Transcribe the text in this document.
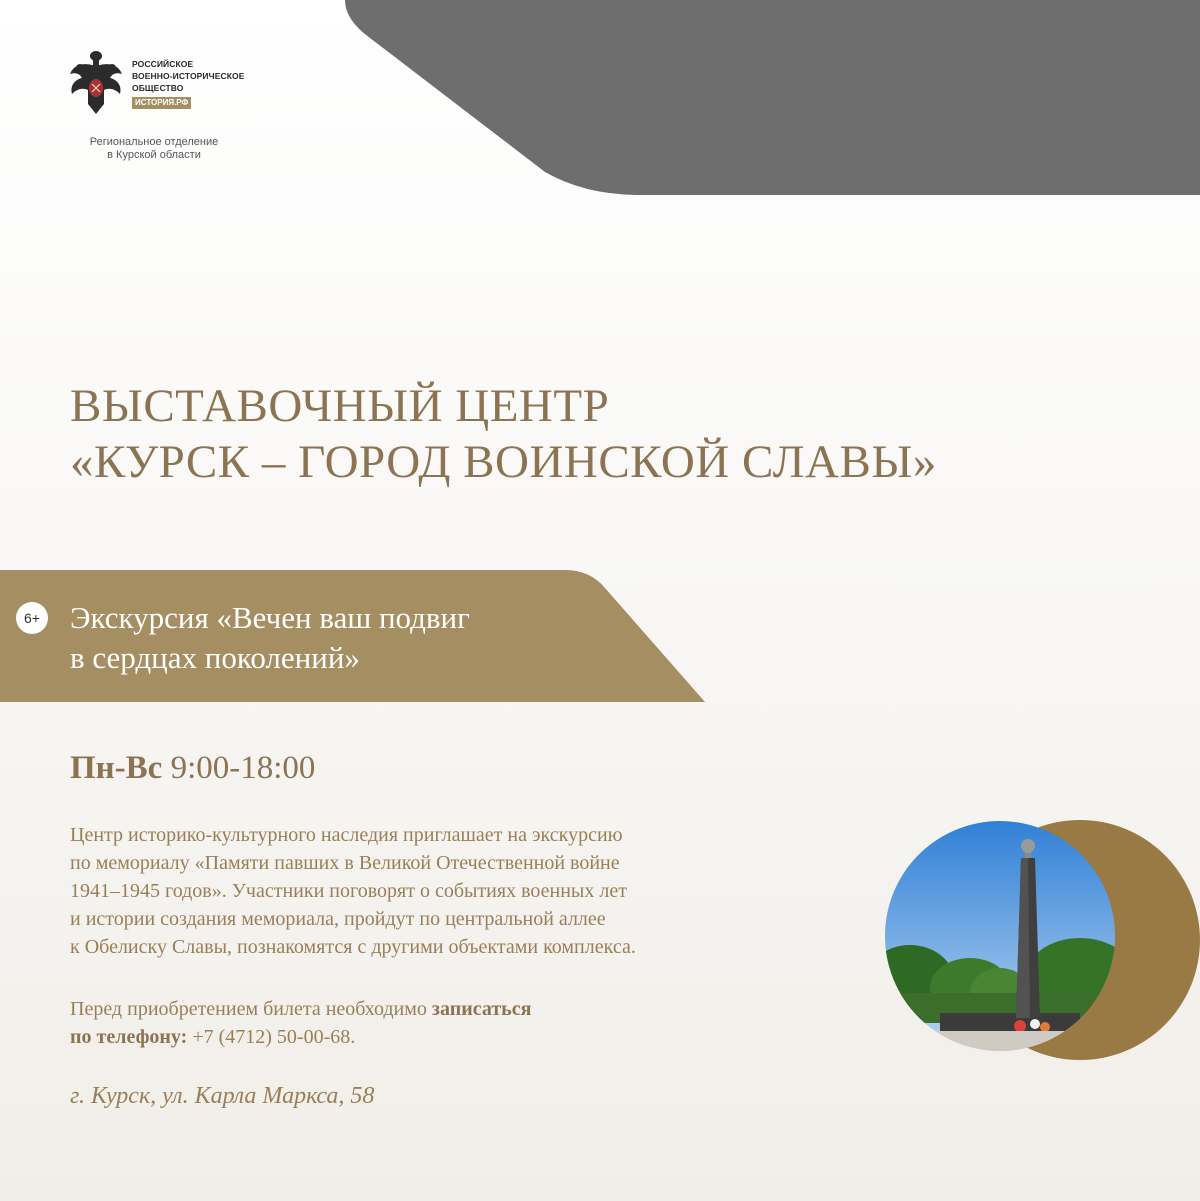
РОССИЙСКОЕ

ВОЕННО-ИСТОРИЧЕСКОЕ

ОБЩЕСТВО

ИСТОРИЯ.РФ
Региональное отделение
в Курской области
ВЫСТАВОЧНЫЙ ЦЕНТР
«КУРСК – ГОРОД ВОИНСКОЙ СЛАВЫ»
6+ Экскурсия «Вечен ваш подвиг
в сердцах поколений»

Пн-Вс 9:00-18:00

Центр историко-культурного наследия приглашает на экскурсию
по мемориалу «Памяти павших в Великой Отечественной войне
1941–1945 годов». Участники поговорят о событиях военных лет
и истории создания мемориала, пройдут по центральной аллее
к Обелиску Славы, познакомятся с другими объектами комплекса.

Перед приобретением билета необходимо записаться
по телефону: +7 (4712) 50-00-68.

г. Курск, ул. Карла Маркса, 58
